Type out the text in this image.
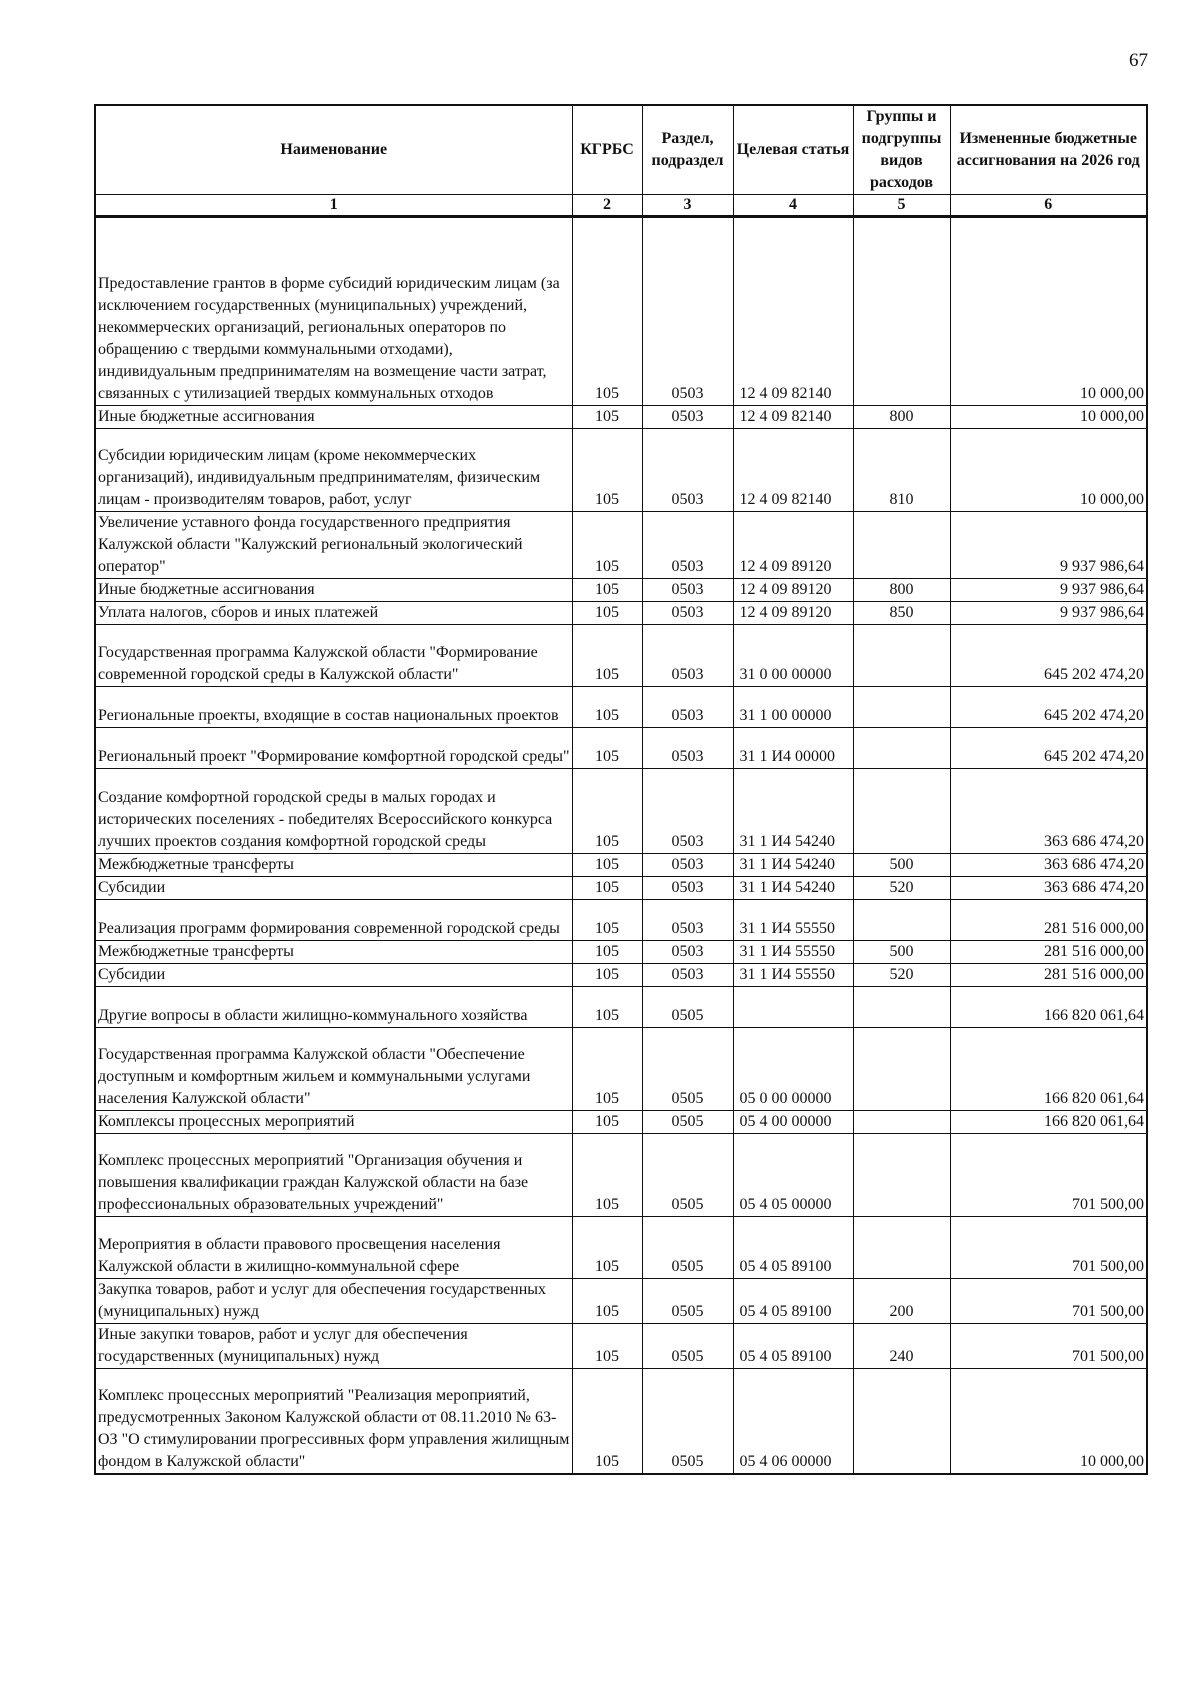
67
Наименование	КГРБС	Раздел, подраздел	Целевая статья	Группы и подгруппы видов расходов	Измененные бюджетные ассигнования на 2026 год
1	2	3	4	5	6
Предоставление грантов в форме субсидий юридическим лицам (за исключением государственных (муниципальных) учреждений, некоммерческих организаций, региональных операторов по обращению с твердыми коммунальными отходами), индивидуальным предпринимателям на возмещение части затрат, связанных с утилизацией твердых коммунальных отходов	105	0503	12 4 09 82140		10 000,00
Иные бюджетные ассигнования	105	0503	12 4 09 82140	800	10 000,00
Субсидии юридическим лицам (кроме некоммерческих организаций), индивидуальным предпринимателям, физическим лицам - производителям товаров, работ, услуг	105	0503	12 4 09 82140	810	10 000,00
Увеличение уставного фонда государственного предприятия Калужской области "Калужский региональный экологический оператор"	105	0503	12 4 09 89120		9 937 986,64
Иные бюджетные ассигнования	105	0503	12 4 09 89120	800	9 937 986,64
Уплата налогов, сборов и иных платежей	105	0503	12 4 09 89120	850	9 937 986,64
Государственная программа Калужской области "Формирование современной городской среды в Калужской области"	105	0503	31 0 00 00000		645 202 474,20
Региональные проекты, входящие в состав национальных проектов	105	0503	31 1 00 00000		645 202 474,20
Региональный проект "Формирование комфортной городской среды"	105	0503	31 1 И4 00000		645 202 474,20
Создание комфортной городской среды в малых городах и исторических поселениях - победителях Всероссийского конкурса лучших проектов создания комфортной городской среды	105	0503	31 1 И4 54240		363 686 474,20
Межбюджетные трансферты	105	0503	31 1 И4 54240	500	363 686 474,20
Субсидии	105	0503	31 1 И4 54240	520	363 686 474,20
Реализация программ формирования современной городской среды	105	0503	31 1 И4 55550		281 516 000,00
Межбюджетные трансферты	105	0503	31 1 И4 55550	500	281 516 000,00
Субсидии	105	0503	31 1 И4 55550	520	281 516 000,00
Другие вопросы в области жилищно-коммунального хозяйства	105	0505			166 820 061,64
Государственная программа Калужской области "Обеспечение доступным и комфортным жильем и коммунальными услугами населения Калужской области"	105	0505	05 0 00 00000		166 820 061,64
Комплексы процессных мероприятий	105	0505	05 4 00 00000		166 820 061,64
Комплекс процессных мероприятий "Организация обучения и повышения квалификации граждан Калужской области на базе профессиональных образовательных учреждений"	105	0505	05 4 05 00000		701 500,00
Мероприятия в области правового просвещения населения Калужской области в жилищно-коммунальной сфере	105	0505	05 4 05 89100		701 500,00
Закупка товаров, работ и услуг для обеспечения государственных (муниципальных) нужд	105	0505	05 4 05 89100	200	701 500,00
Иные закупки товаров, работ и услуг для обеспечения государственных (муниципальных) нужд	105	0505	05 4 05 89100	240	701 500,00
Комплекс процессных мероприятий "Реализация мероприятий, предусмотренных Законом Калужской области от 08.11.2010 № 63-ОЗ "О стимулировании прогрессивных форм управления жилищным фондом в Калужской области"	105	0505	05 4 06 00000		10 000,00
